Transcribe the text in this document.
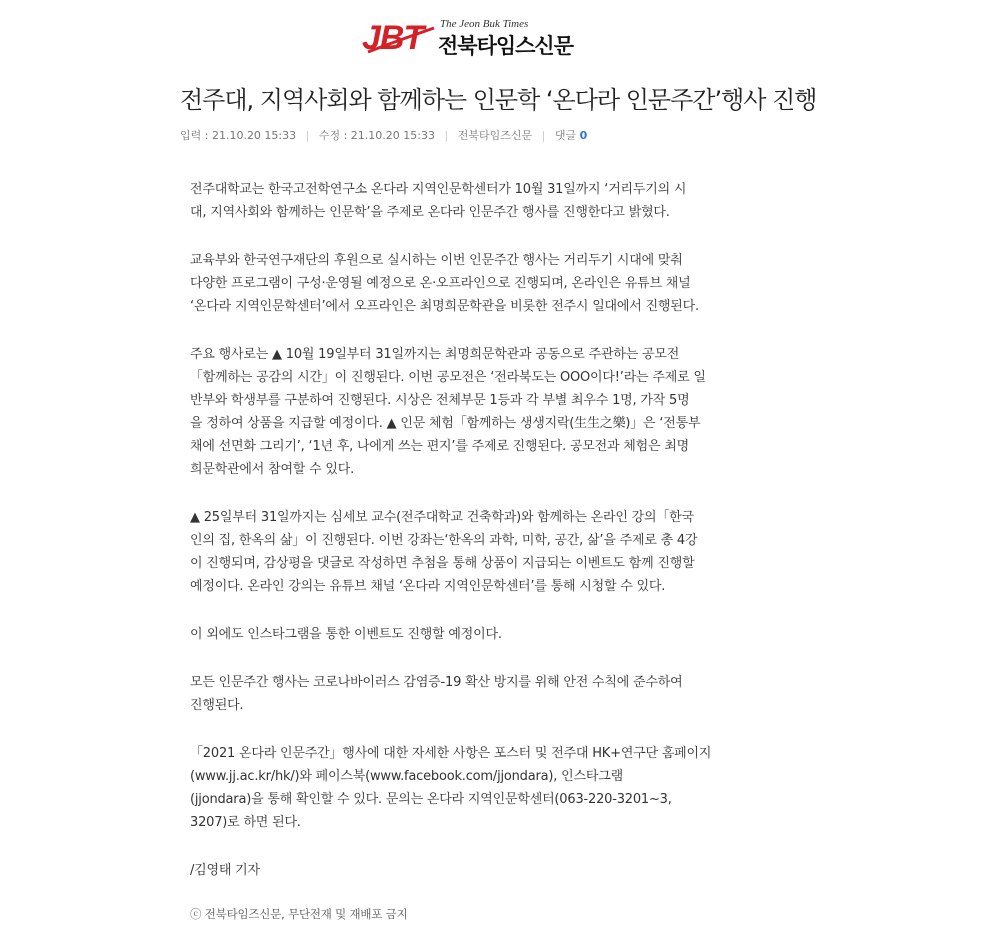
JBT The Jeon Buk Times
전북타임스신문
전주대, 지역사회와 함께하는 인문학 ‘온다라 인문주간’행사 진행
입력 : 21.10.20 15:33 | 수정 : 21.10.20 15:33 | 전북타임즈신문 | 댓글 0

전주대학교는 한국고전학연구소 온다라 지역인문학센터가 10월 31일까지 ‘거리두기의 시
대, 지역사회와 함께하는 인문학’을 주제로 온다라 인문주간 행사를 진행한다고 밝혔다.

교육부와 한국연구재단의 후원으로 실시하는 이번 인문주간 행사는 거리두기 시대에 맞춰
다양한 프로그램이 구성·운영될 예정으로 온·오프라인으로 진행되며, 온라인은 유튜브 채널
‘온다라 지역인문학센터’에서 오프라인은 최명희문학관을 비롯한 전주시 일대에서 진행된다.

주요 행사로는 ▲ 10월 19일부터 31일까지는 최명희문학관과 공동으로 주관하는 공모전
「함께하는 공감의 시간」이 진행된다. 이번 공모전은 ‘전라북도는 OOO이다!’라는 주제로 일
반부와 학생부를 구분하여 진행된다. 시상은 전체부문 1등과 각 부별 최우수 1명, 가작 5명
을 정하여 상품을 지급할 예정이다. ▲ 인문 체험「함께하는 생생지락(生生之樂)」은 ‘전통부
채에 선면화 그리기’, ‘1년 후, 나에게 쓰는 편지’를 주제로 진행된다. 공모전과 체험은 최명
희문학관에서 참여할 수 있다.

▲ 25일부터 31일까지는 심세보 교수(전주대학교 건축학과)와 함께하는 온라인 강의「한국
인의 집, 한옥의 삶」이 진행된다. 이번 강좌는‘한옥의 과학, 미학, 공간, 삶’을 주제로 총 4강
이 진행되며, 감상평을 댓글로 작성하면 추첨을 통해 상품이 지급되는 이벤트도 함께 진행할
예정이다. 온라인 강의는 유튜브 채널 ‘온다라 지역인문학센터’를 통해 시청할 수 있다.

이 외에도 인스타그램을 통한 이벤트도 진행할 예정이다.

모든 인문주간 행사는 코로나바이러스 감염증-19 확산 방지를 위해 안전 수칙에 준수하여
진행된다.

「2021 온다라 인문주간」행사에 대한 자세한 사항은 포스터 및 전주대 HK+연구단 홈페이지
(www.jj.ac.kr/hk/)와 페이스북(www.facebook.com/jjondara), 인스타그램
(jjondara)을 통해 확인할 수 있다. 문의는 온다라 지역인문학센터(063-220-3201~3,
3207)로 하면 된다.

/김영태 기자

ⓒ 전북타임즈신문, 무단전재 및 재배포 금지
